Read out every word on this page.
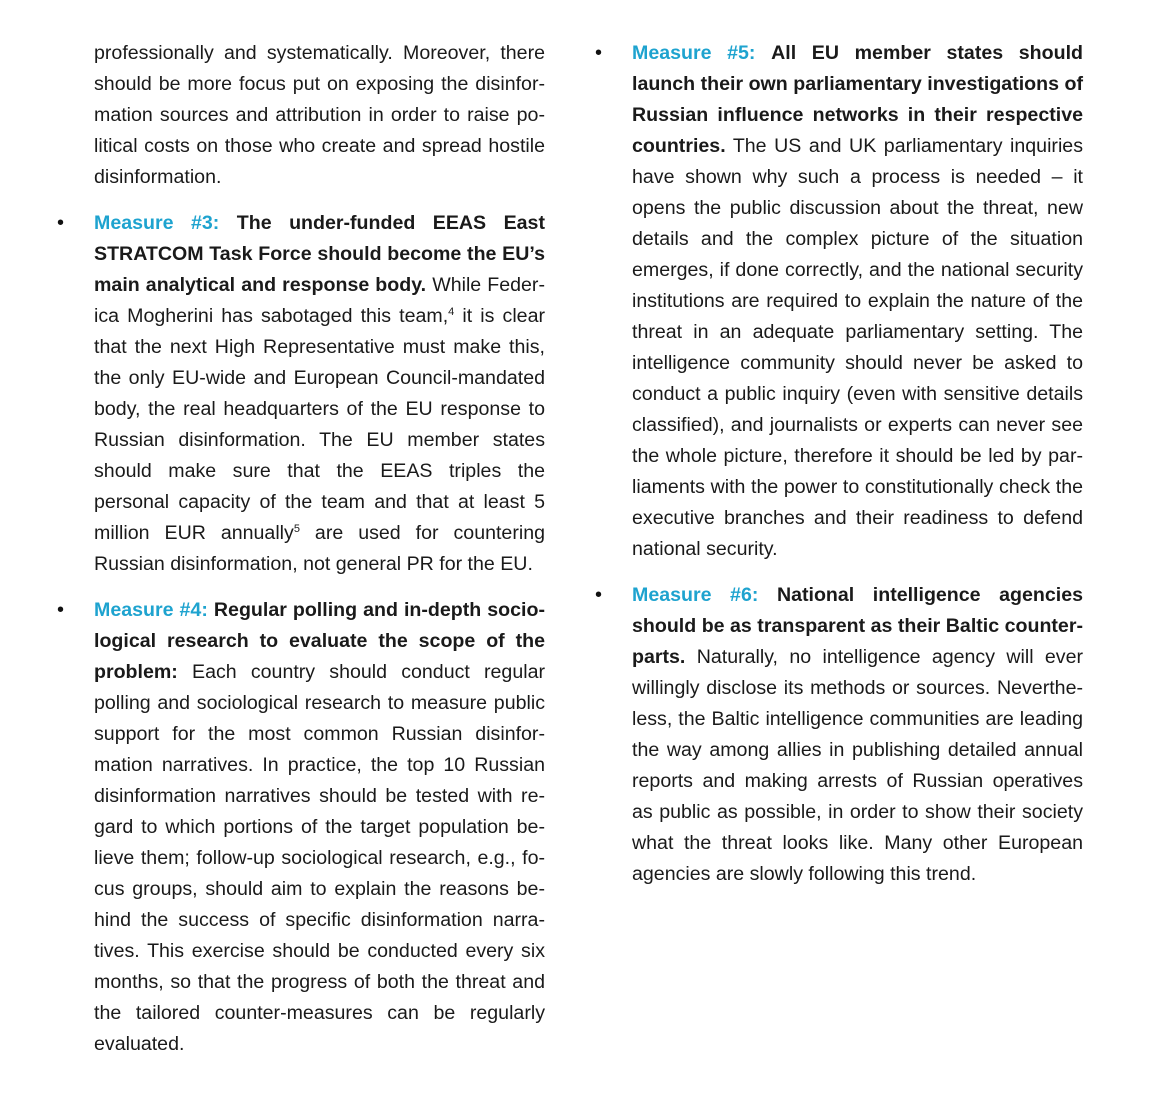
professionally and systematically. Moreover, there should be more focus put on exposing the disinformation sources and attribution in order to raise political costs on those who create and spread hostile disinformation.

• Measure #3: The under-funded EEAS East STRATCOM Task Force should become the EU’s main analytical and response body. While Federica Mogherini has sabotaged this team,$^4$ it is clear that the next High Representative must make this, the only EU-wide and European Council-mandated body, the real headquarters of the EU response to Russian disinformation. The EU member states should make sure that the EEAS triples the personal capacity of the team and that at least 5 million EUR annually$^5$ are used for countering Russian disinformation, not general PR for the EU.

• Measure #4: Regular polling and in-depth sociological research to evaluate the scope of the problem: Each country should conduct regular polling and sociological research to measure public support for the most common Russian disinformation narratives. In practice, the top 10 Russian disinformation narratives should be tested with regard to which portions of the target population believe them; follow-up sociological research, e.g., focus groups, should aim to explain the reasons behind the success of specific disinformation narratives. This exercise should be conducted every six months, so that the progress of both the threat and the tailored counter-measures can be regularly evaluated.

• Measure #5: All EU member states should launch their own parliamentary investigations of Russian influence networks in their respective countries. The US and UK parliamentary inquiries have shown why such a process is needed – it opens the public discussion about the threat, new details and the complex picture of the situation emerges, if done correctly, and the national security institutions are required to explain the nature of the threat in an adequate parliamentary setting. The intelligence community should never be asked to conduct a public inquiry (even with sensitive details classified), and journalists or experts can never see the whole picture, therefore it should be led by parliaments with the power to constitutionally check the executive branches and their readiness to defend national security.

• Measure #6: National intelligence agencies should be as transparent as their Baltic counterparts. Naturally, no intelligence agency will ever willingly disclose its methods or sources. Nevertheless, the Baltic intelligence communities are leading the way among allies in publishing detailed annual reports and making arrests of Russian operatives as public as possible, in order to show their society what the threat looks like. Many other European agencies are slowly following this trend.
